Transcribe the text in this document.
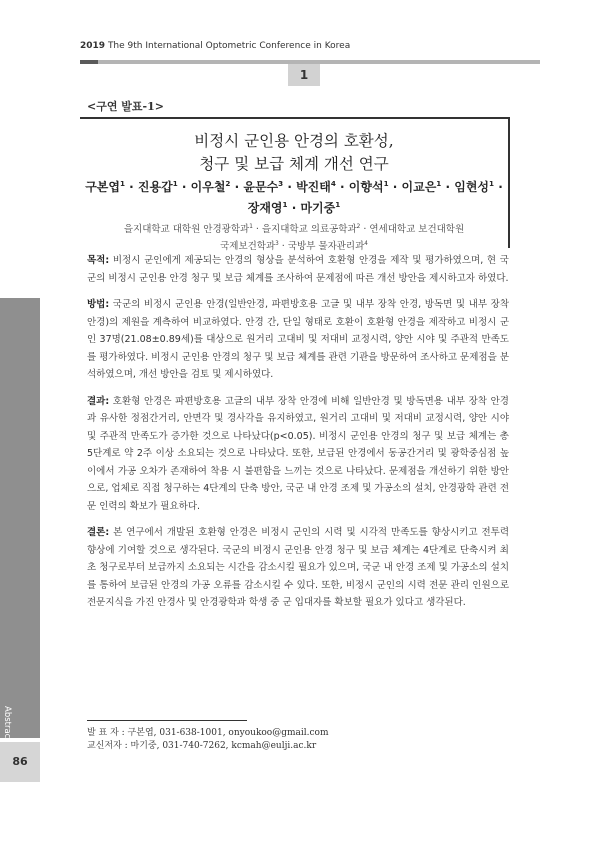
2019 The 9th International Optometric Conference in Korea
1
<구연 발표-1>
비정시 군인용 안경의 호환성,
청구 및 보급 체계 개선 연구
구본엽$^1$ · 진용갑$^1$ · 이우철$^2$ · 윤문수$^3$ · 박진태$^4$ · 이향석$^1$ · 이교은$^1$ · 임현성$^1$ ·
장재영$^1$ · 마기중$^1$
을지대학교 대학원 안경광학과$^1$ · 을지대학교 의료공학과$^2$ · 연세대학교 보건대학원
국제보건학과$^3$ · 국방부 물자관리과$^4$

목적: 비정시 군인에게 제공되는 안경의 형상을 분석하여 호환형 안경을 제작 및 평가하였으며, 현 국군의 비정시 군인용 안경 청구 및 보급 체계를 조사하여 문제점에 따른 개선 방안을 제시하고자 하였다.

방법: 국군의 비정시 군인용 안경(일반안경, 파편방호용 고글 및 내부 장착 안경, 방독면 및 내부 장착 안경)의 제원을 계측하여 비교하였다. 안경 간, 단일 형태로 호환이 호환형 안경을 제작하고 비정시 군인 37명(21.08±0.89세)를 대상으로 원거리 고대비 및 저대비 교정시력, 양안 시야 및 주관적 만족도를 평가하였다. 비정시 군인용 안경의 청구 및 보급 체계를 관련 기관을 방문하여 조사하고 문제점을 분석하였으며, 개선 방안을 검토 및 제시하였다.

결과: 호환형 안경은 파편방호용 고글의 내부 장착 안경에 비해 일반안경 및 방독면용 내부 장착 안경과 유사한 정점간거리, 안면각 및 경사각을 유지하였고, 원거리 고대비 및 저대비 교정시력, 양안 시야 및 주관적 만족도가 증가한 것으로 나타났다(p<0.05). 비정시 군인용 안경의 청구 및 보급 체계는 총 5단계로 약 2주 이상 소요되는 것으로 나타났다. 또한, 보급된 안경에서 동공간거리 및 광학중심점 높이에서 가공 오차가 존재하여 착용 시 불편함을 느끼는 것으로 나타났다. 문제점을 개선하기 위한 방안으로, 업체로 직접 청구하는 4단계의 단축 방안, 국군 내 안경 조제 및 가공소의 설치, 안경광학 관련 전문 인력의 확보가 필요하다.

결론: 본 연구에서 개발된 호환형 안경은 비정시 군인의 시력 및 시각적 만족도를 향상시키고 전투력 향상에 기여할 것으로 생각된다. 국군의 비정시 군인용 안경 청구 및 보급 체계는 4단계로 단축시켜 최초 청구로부터 보급까지 소요되는 시간을 감소시킬 필요가 있으며, 국군 내 안경 조제 및 가공소의 설치를 통하여 보급된 안경의 가공 오류를 감소시킬 수 있다. 또한, 비정시 군인의 시력 전문 관리 인원으로 전문지식을 가진 안경사 및 안경광학과 학생 중 군 입대자를 확보할 필요가 있다고 생각된다.

발 표 자 : 구본엽, 031-638-1001, onyoukoo@gmail.com
교신저자 : 마기중, 031-740-7262, kcmah@eulji.ac.kr
Abstract
86
